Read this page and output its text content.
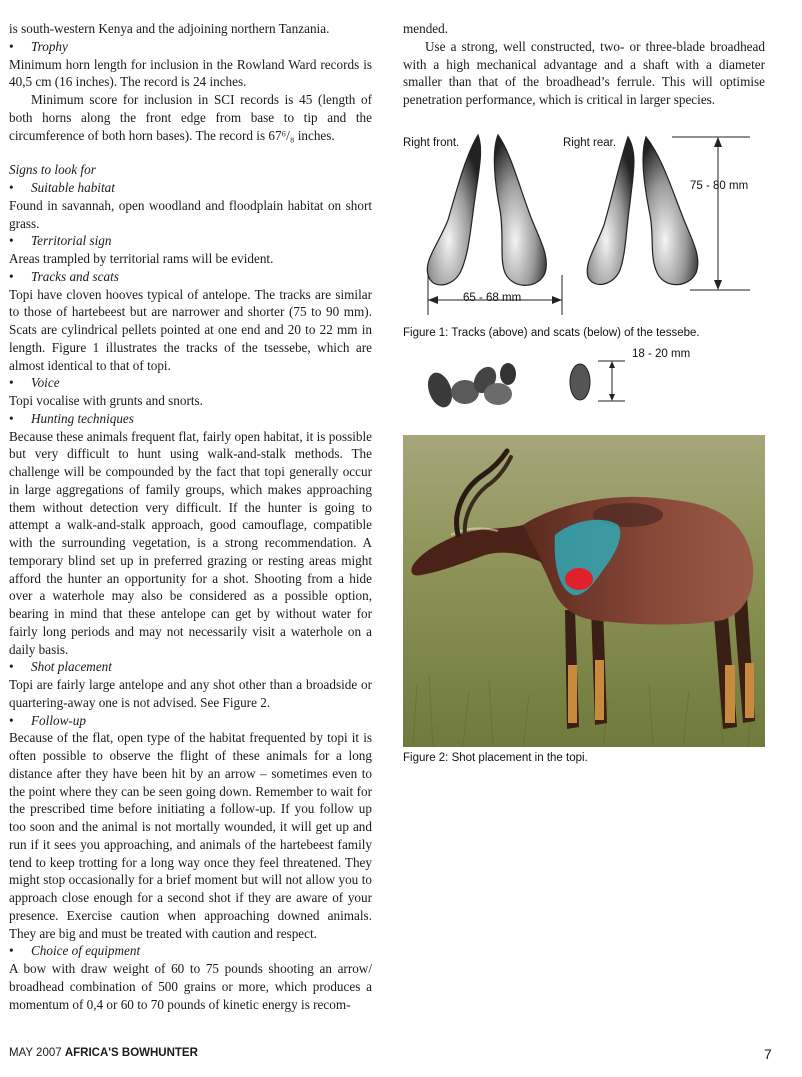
is south-western Kenya and the adjoining northern Tanzania.

• Trophy

Minimum horn length for inclusion in the Rowland Ward records is 40,5 cm (16 inches). The record is 24 inches.

Minimum score for inclusion in SCI records is 45 (length of both horns along the front edge from base to tip and the circumference of both horn bases). The record is 67⁶/₈ inches.

Signs to look for

• Suitable habitat

Found in savannah, open woodland and floodplain habitat on short grass.

• Territorial sign

Areas trampled by territorial rams will be evident.

• Tracks and scats

Topi have cloven hooves typical of antelope. The tracks are similar to those of hartebeest but are narrower and shorter (75 to 90 mm). Scats are cylindrical pellets pointed at one end and 20 to 22 mm in length. Figure 1 illustrates the tracks of the tsessebe, which are almost identical to that of topi.

• Voice

Topi vocalise with grunts and snorts.

• Hunting techniques

Because these animals frequent flat, fairly open habitat, it is possible but very difficult to hunt using walk-and-stalk methods. The challenge will be compounded by the fact that topi generally occur in large aggregations of family groups, which makes approaching them without detection very difficult. If the hunter is going to attempt a walk-and-stalk approach, good camouflage, compatible with the surrounding vegetation, is a strong recommendation. A temporary blind set up in preferred grazing or resting areas might afford the hunter an opportunity for a shot. Shooting from a hide over a waterhole may also be considered as a possible option, bearing in mind that these antelope can get by without water for fairly long periods and may not necessarily visit a waterhole on a daily basis.

• Shot placement

Topi are fairly large antelope and any shot other than a broadside or quartering-away one is not advised. See Figure 2.

• Follow-up

Because of the flat, open type of the habitat frequented by topi it is often possible to observe the flight of these animals for a long distance after they have been hit by an arrow – sometimes even to the point where they can be seen going down. Remember to wait for the prescribed time before initiating a follow-up. If you follow up too soon and the animal is not mortally wounded, it will get up and run if it sees you approaching, and animals of the hartebeest family tend to keep trotting for a long way once they feel threatened. They might stop occasionally for a brief moment but will not allow you to approach close enough for a second shot if they are aware of your presence. Exercise caution when approaching downed animals. They are big and must be treated with caution and respect.

• Choice of equipment

A bow with draw weight of 60 to 75 pounds shooting an arrow/ broadhead combination of 500 grains or more, which produces a momentum of 0,4 or 60 to 70 pounds of kinetic energy is recom-

mended.

Use a strong, well constructed, two- or three-blade broadhead with a high mechanical advantage and a shaft with a diameter smaller than that of the broadhead’s ferrule. This will optimise penetration performance, which is critical in larger species.

Right front.	Right rear.
75 - 80 mm
65 - 68 mm
Figure 1: Tracks (above) and scats (below) of the tessebe.
18 - 20 mm
Figure 2: Shot placement in the topi.
MAY 2007 AFRICA'S BOWHUNTER	7
